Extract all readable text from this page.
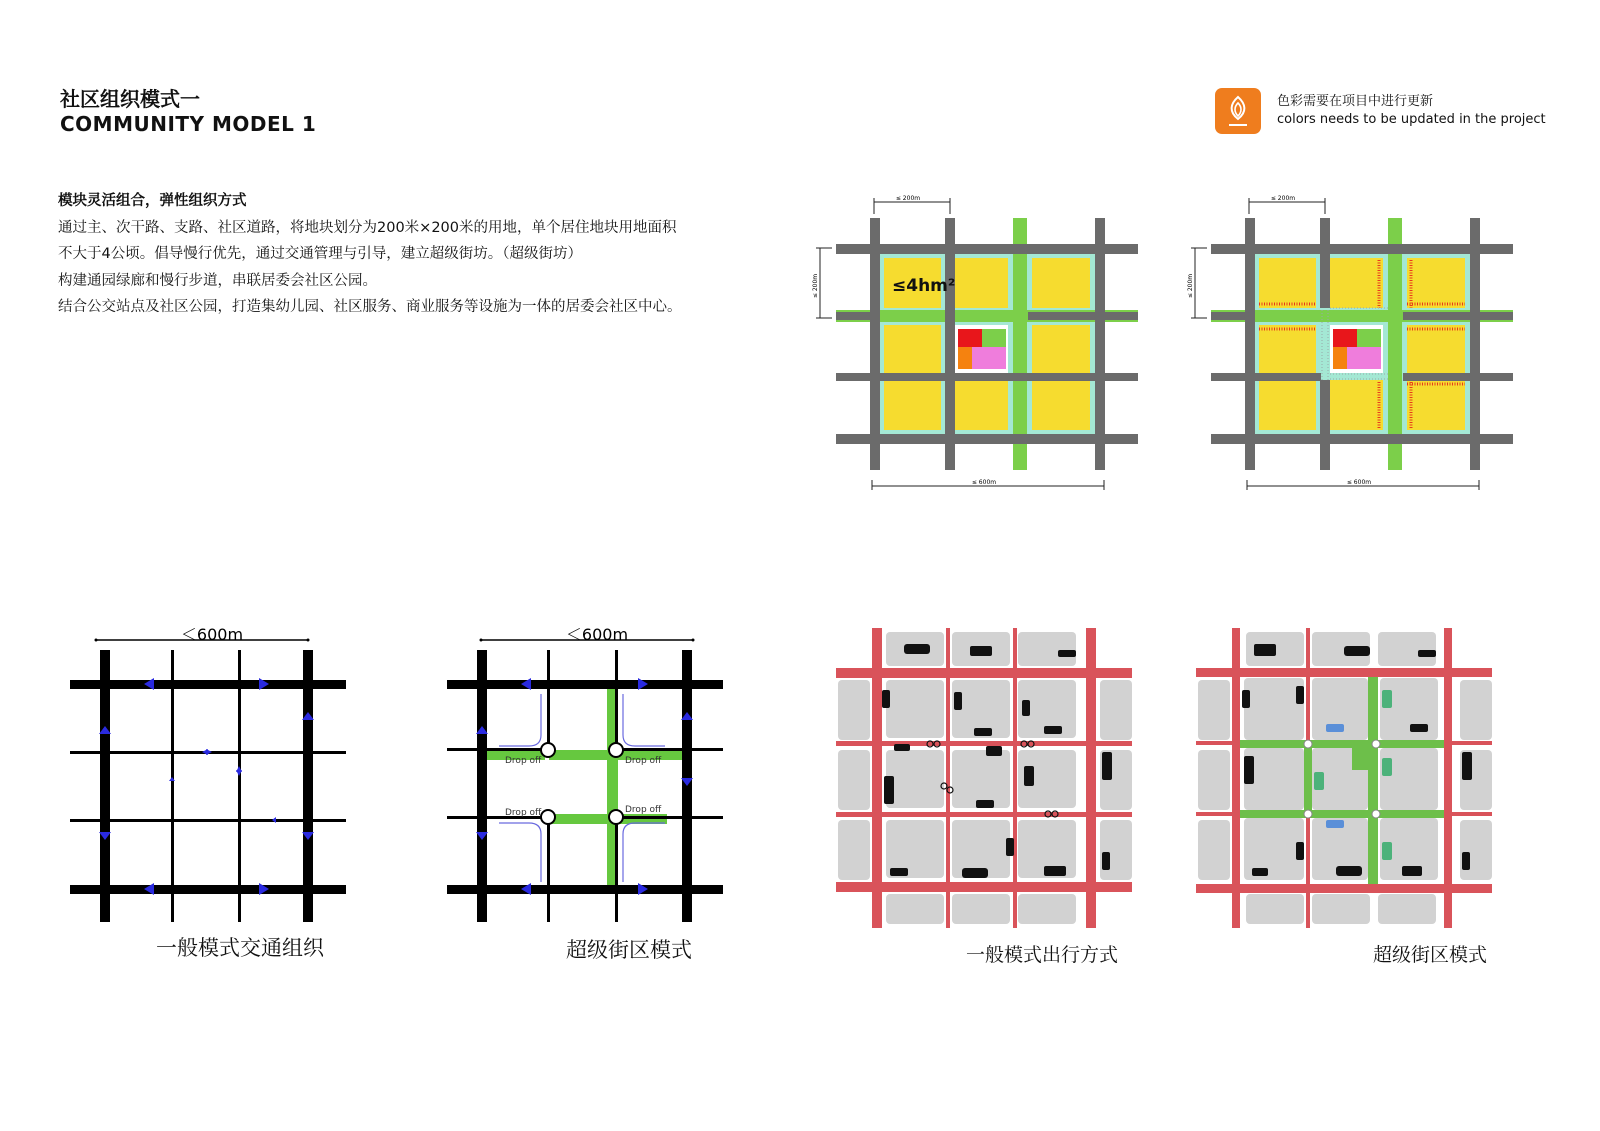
社区组织模式一
COMMUNITY MODEL 1
色彩需要在项目中进行更新
colors needs to be updated in the project
模块灵活组合，弹性组织方式
通过主、次干路、支路、社区道路，将地块划分为200米×200米的用地，单个居住地块用地面积
不大于4公顷。倡导慢行优先，通过交通管理与引导，建立超级街坊。（超级街坊）
构建通园绿廊和慢行步道，串联居委会社区公园。
结合公交站点及社区公园，打造集幼儿园、社区服务、商业服务等设施为一体的居委会社区中心。
≤ 200m
≤ 200m
≤ 600m
≤4hm²
≤ 200m
≤ 200m
≤ 600m
＜600m
一般模式交通组织
＜600m
Drop off	Drop off
Drop off	Drop off
超级街区模式	一般模式出行方式	超级街区模式
